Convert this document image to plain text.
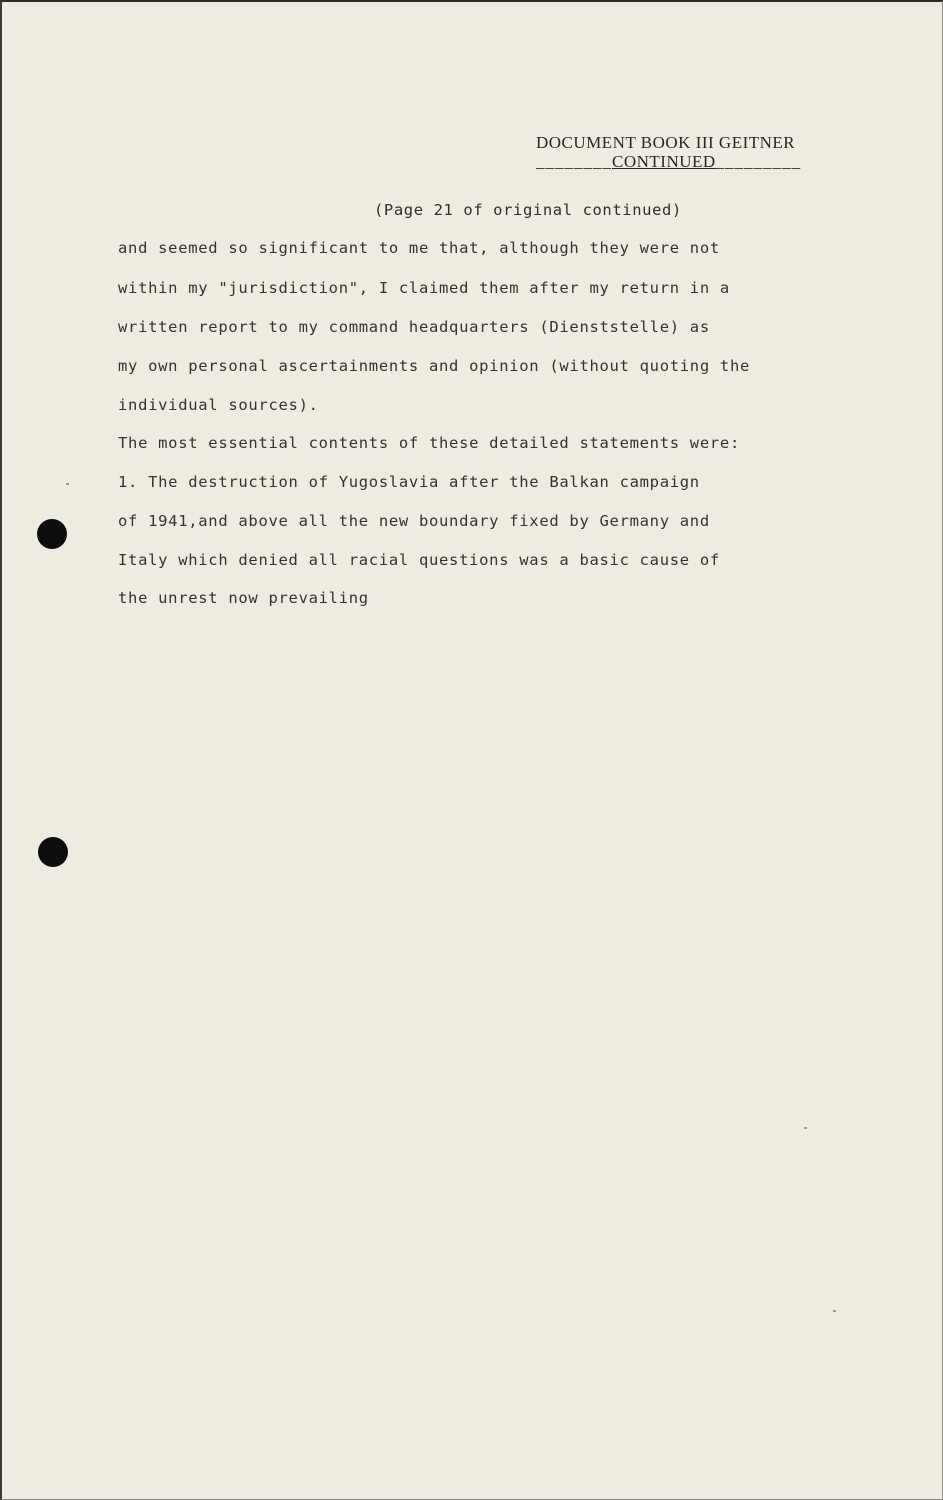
DOCUMENT BOOK III GEITNER
________CONTINUED_________
(Page 21 of original continued)
and seemed so significant to me that, although they were not
within my "jurisdiction", I claimed them after my return in a
written report to my command headquarters (Dienststelle) as
my own personal ascertainments and opinion (without quoting the
individual sources).
The most essential contents of these detailed statements were:
1. The destruction of Yugoslavia after the Balkan campaign
of 1941,and above all the new boundary fixed by Germany and
Italy which denied all racial questions was a basic cause of
the unrest now prevailing
